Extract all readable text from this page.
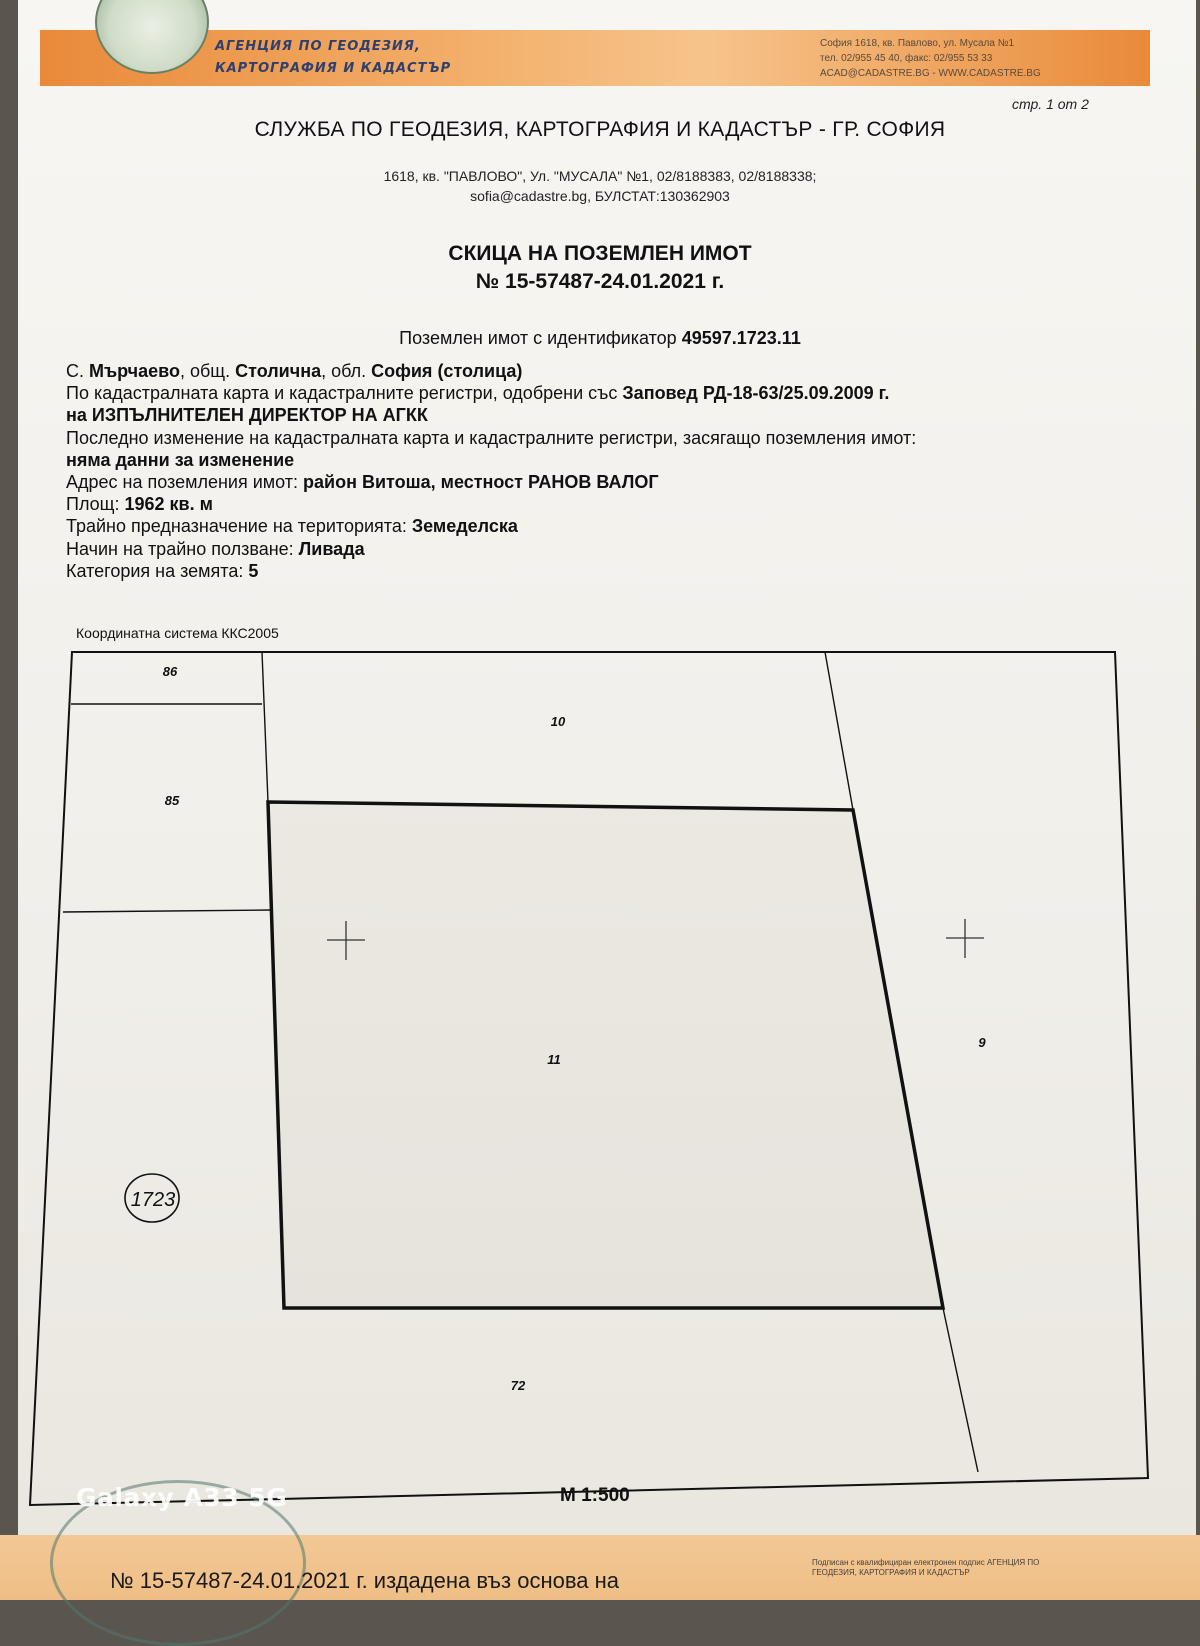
АГЕНЦИЯ ПО ГЕОДЕЗИЯ,
КАРТОГРАФИЯ И КАДАСТЪР
София 1618, кв. Павлово, ул. Мусала №1
тел. 02/955 45 40, факс: 02/955 53 33
ACAD@CADASTRE.BG - WWW.CADASTRE.BG
стр. 1 от 2
СЛУЖБА ПО ГЕОДЕЗИЯ, КАРТОГРАФИЯ И КАДАСТЪР - ГР. СОФИЯ
1618, кв. "ПАВЛОВО", Ул. "МУСАЛА" №1, 02/8188383, 02/8188338;
sofia@cadastre.bg, БУЛСТАТ:130362903
СКИЦА НА ПОЗЕМЛЕН ИМОТ
№ 15-57487-24.01.2021 г.
Поземлен имот с идентификатор 49597.1723.11
С. Мърчаево, общ. Столична, обл. София (столица)
По кадастралната карта и кадастралните регистри, одобрени със Заповед РД-18-63/25.09.2009 г.
на ИЗПЪЛНИТЕЛЕН ДИРЕКТОР НА АГКК
Последно изменение на кадастралната карта и кадастралните регистри, засягащо поземления имот:
няма данни за изменение
Адрес на поземления имот: район Витоша, местност РАНОВ ВАЛОГ
Площ: 1962 кв. м
Трайно предназначение на територията: Земеделска
Начин на трайно ползване: Ливада
Категория на земята: 5
Координатна система ККС2005
86
85
10
11
9
72
1723
М 1:500
№ 15-57487-24.01.2021 г. издадена въз основа на
Подписан с квалифициран електронен подпис АГЕНЦИЯ ПО
ГЕОДЕЗИЯ, КАРТОГРАФИЯ И КАДАСТЪР
Galaxy A33 5G
